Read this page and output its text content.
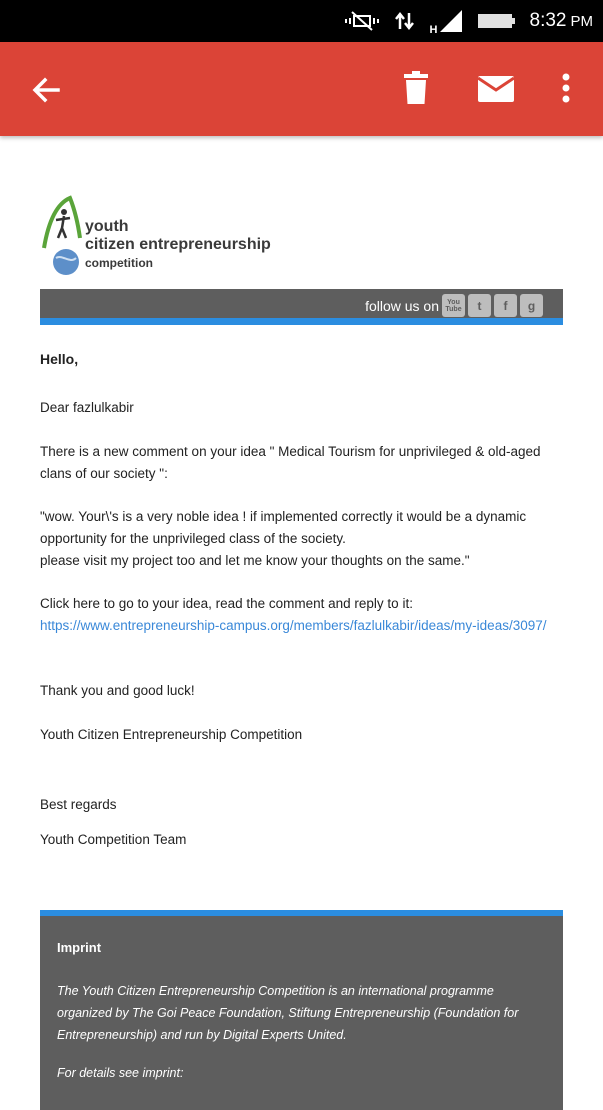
H	8:32 PM
youth
citizen entrepreneurship
competition
follow us on	You Tube	t	f	g
Hello,
Dear fazlulkabir
There is a new comment on your idea " Medical Tourism for unprivileged & old-aged clans of our society ":
"wow. Your\'s is a very noble idea ! if implemented correctly it would be a dynamic opportunity for the unprivileged class of the society.
please visit my project too and let me know your thoughts on the same."
Click here to go to your idea, read the comment and reply to it:
https://www.entrepreneurship-campus.org/members/fazlulkabir/ideas/my-ideas/3097/
Thank you and good luck!
Youth Citizen Entrepreneurship Competition
Best regards
Youth Competition Team
Imprint
The Youth Citizen Entrepreneurship Competition is an international programme organized by The Goi Peace Foundation, Stiftung Entrepreneurship (Foundation for Entrepreneurship) and run by Digital Experts United.
For details see imprint:
